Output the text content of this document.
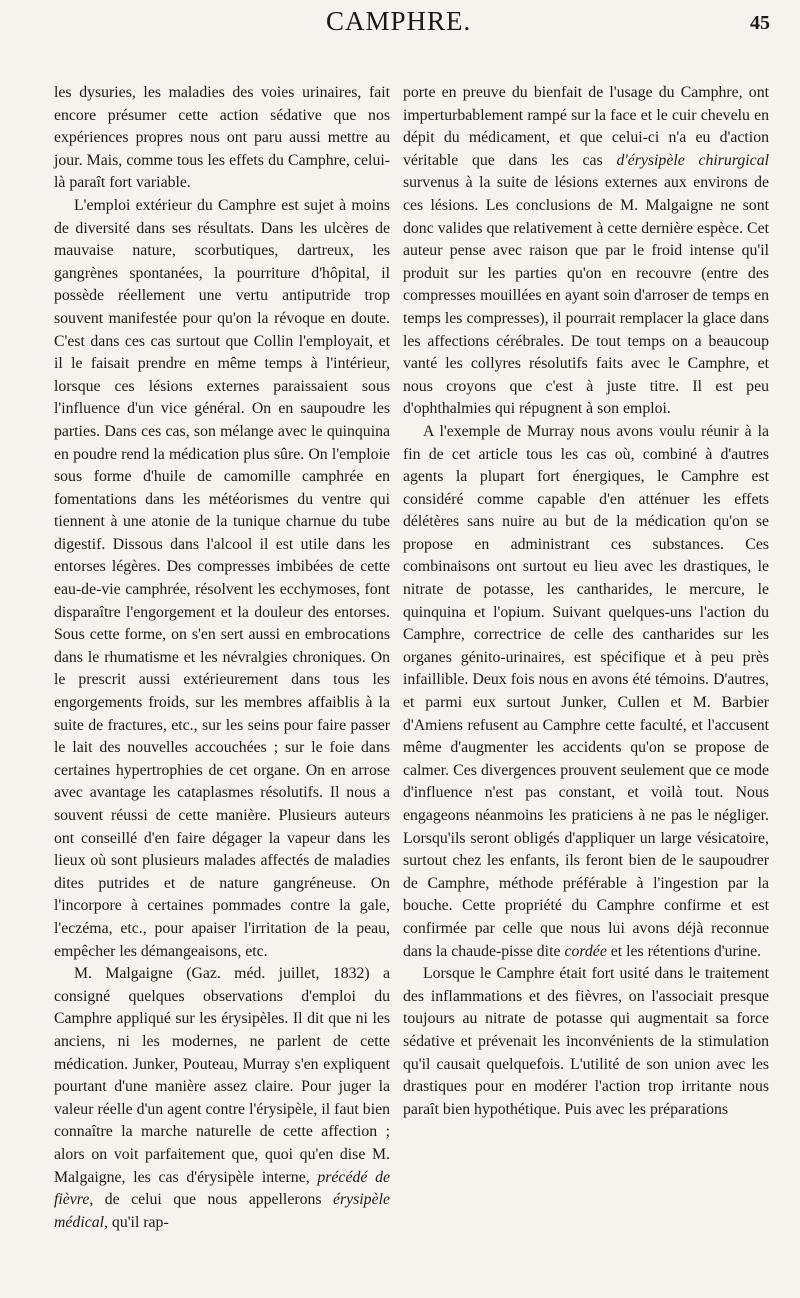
CAMPHRE.	45

les dysuries, les maladies des voies urinaires, fait encore présumer cette action sédative que nos expériences propres nous ont paru aussi mettre au jour. Mais, comme tous les effets du Camphre, celui-là paraît fort variable.

L'emploi extérieur du Camphre est sujet à moins de diversité dans ses résultats. Dans les ulcères de mauvaise nature, scorbutiques, dartreux, les gangrènes spontanées, la pourriture d'hôpital, il possède réellement une vertu antiputride trop souvent manifestée pour qu'on la révoque en doute. C'est dans ces cas surtout que Collin l'employait, et il le faisait prendre en même temps à l'intérieur, lorsque ces lésions externes paraissaient sous l'influence d'un vice général. On en saupoudre les parties. Dans ces cas, son mélange avec le quinquina en poudre rend la médication plus sûre. On l'emploie sous forme d'huile de camomille camphrée en fomentations dans les météorismes du ventre qui tiennent à une atonie de la tunique charnue du tube digestif. Dissous dans l'alcool il est utile dans les entorses légères. Des compresses imbibées de cette eau-de-vie camphrée, résolvent les ecchymoses, font disparaître l'engorgement et la douleur des entorses. Sous cette forme, on s'en sert aussi en embrocations dans le rhumatisme et les névralgies chroniques. On le prescrit aussi extérieurement dans tous les engorgements froids, sur les membres affaiblis à la suite de fractures, etc., sur les seins pour faire passer le lait des nouvelles accouchées ; sur le foie dans certaines hypertrophies de cet organe. On en arrose avec avantage les cataplasmes résolutifs. Il nous a souvent réussi de cette manière. Plusieurs auteurs ont conseillé d'en faire dégager la vapeur dans les lieux où sont plusieurs malades affectés de maladies dites putrides et de nature gangréneuse. On l'incorpore à certaines pommades contre la gale, l'eczéma, etc., pour apaiser l'irritation de la peau, empêcher les démangeaisons, etc.

M. Malgaigne (Gaz. méd. juillet, 1832) a consigné quelques observations d'emploi du Camphre appliqué sur les érysipèles. Il dit que ni les anciens, ni les modernes, ne parlent de cette médication. Junker, Pouteau, Murray s'en expliquent pourtant d'une manière assez claire. Pour juger la valeur réelle d'un agent contre l'érysipèle, il faut bien connaître la marche naturelle de cette affection ; alors on voit parfaitement que, quoi qu'en dise M. Malgaigne, les cas d'érysipèle interne, précédé de fièvre, de celui que nous appellerons érysipèle médical, qu'il rap-

porte en preuve du bienfait de l'usage du Camphre, ont imperturbablement rampé sur la face et le cuir chevelu en dépit du médicament, et que celui-ci n'a eu d'action véritable que dans les cas d'érysipèle chirurgical survenus à la suite de lésions externes aux environs de ces lésions. Les conclusions de M. Malgaigne ne sont donc valides que relativement à cette dernière espèce. Cet auteur pense avec raison que par le froid intense qu'il produit sur les parties qu'on en recouvre (entre des compresses mouillées en ayant soin d'arroser de temps en temps les compresses), il pourrait remplacer la glace dans les affections cérébrales. De tout temps on a beaucoup vanté les collyres résolutifs faits avec le Camphre, et nous croyons que c'est à juste titre. Il est peu d'ophthalmies qui répugnent à son emploi.

A l'exemple de Murray nous avons voulu réunir à la fin de cet article tous les cas où, combiné à d'autres agents la plupart fort énergiques, le Camphre est considéré comme capable d'en atténuer les effets délétères sans nuire au but de la médication qu'on se propose en administrant ces substances. Ces combinaisons ont surtout eu lieu avec les drastiques, le nitrate de potasse, les cantharides, le mercure, le quinquina et l'opium. Suivant quelques-uns l'action du Camphre, correctrice de celle des cantharides sur les organes génito-urinaires, est spécifique et à peu près infaillible. Deux fois nous en avons été témoins. D'autres, et parmi eux surtout Junker, Cullen et M. Barbier d'Amiens refusent au Camphre cette faculté, et l'accusent même d'augmenter les accidents qu'on se propose de calmer. Ces divergences prouvent seulement que ce mode d'influence n'est pas constant, et voilà tout. Nous engageons néanmoins les praticiens à ne pas le négliger. Lorsqu'ils seront obligés d'appliquer un large vésicatoire, surtout chez les enfants, ils feront bien de le saupoudrer de Camphre, méthode préférable à l'ingestion par la bouche. Cette propriété du Camphre confirme et est confirmée par celle que nous lui avons déjà reconnue dans la chaude-pisse dite cordée et les rétentions d'urine.

Lorsque le Camphre était fort usité dans le traitement des inflammations et des fièvres, on l'associait presque toujours au nitrate de potasse qui augmentait sa force sédative et prévenait les inconvénients de la stimulation qu'il causait quelquefois. L'utilité de son union avec les drastiques pour en modérer l'action trop irritante nous paraît bien hypothétique. Puis avec les préparations
